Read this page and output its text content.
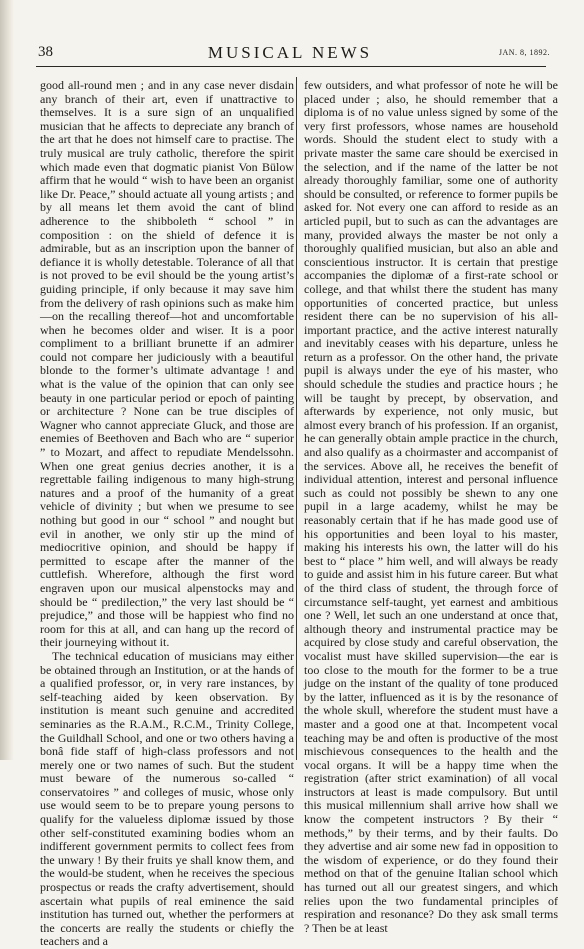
38	MUSICAL NEWS	JAN. 8, 1892.

good all-round men ; and in any case never disdain any branch of their art, even if unattractive to themselves. It is a sure sign of an unqualified musician that he affects to depreciate any branch of the art that he does not himself care to practise. The truly musical are truly catholic, therefore the spirit which made even that dogmatic pianist Von Bülow affirm that he would “ wish to have been an organist like Dr. Peace,” should actuate all young artists ; and by all means let them avoid the cant of blind adherence to the shibboleth “ school ” in composition : on the shield of defence it is admirable, but as an inscription upon the banner of defiance it is wholly detestable. Tolerance of all that is not proved to be evil should be the young artist’s guiding principle, if only because it may save him from the delivery of rash opinions such as make him—on the recalling thereof—hot and uncomfortable when he becomes older and wiser. It is a poor compliment to a brilliant brunette if an admirer could not compare her judiciously with a beautiful blonde to the former’s ultimate advantage ! and what is the value of the opinion that can only see beauty in one particular period or epoch of painting or architecture ? None can be true disciples of Wagner who cannot appreciate Gluck, and those are enemies of Beethoven and Bach who are “ superior ” to Mozart, and affect to repudiate Mendelssohn. When one great genius decries another, it is a regrettable failing indigenous to many high-strung natures and a proof of the humanity of a great vehicle of divinity ; but when we presume to see nothing but good in our “ school ” and nought but evil in another, we only stir up the mind of mediocritive opinion, and should be happy if permitted to escape after the manner of the cuttlefish. Wherefore, although the first word engraven upon our musical alpenstocks may and should be “ predilection,” the very last should be “ prejudice,” and those will be happiest who find no room for this at all, and can hang up the record of their journeying without it.

The technical education of musicians may either be obtained through an Institution, or at the hands of a qualified professor, or, in very rare instances, by self-teaching aided by keen observation. By institution is meant such genuine and accredited seminaries as the R.A.M., R.C.M., Trinity College, the Guildhall School, and one or two others having a bonâ fide staff of high-class professors and not merely one or two names of such. But the student must beware of the numerous so-called “ conservatoires ” and colleges of music, whose only use would seem to be to prepare young persons to qualify for the valueless diplomæ issued by those other self-constituted examining bodies whom an indifferent government permits to collect fees from the unwary ! By their fruits ye shall know them, and the would-be student, when he receives the specious prospectus or reads the crafty advertisement, should ascertain what pupils of real eminence the said institution has turned out, whether the performers at the concerts are really the students or chiefly the teachers and a

few outsiders, and what professor of note he will be placed under ; also, he should remember that a diploma is of no value unless signed by some of the very first professors, whose names are household words. Should the student elect to study with a private master the same care should be exercised in the selection, and if the name of the latter be not already thoroughly familiar, some one of authority should be consulted, or reference to former pupils be asked for. Not every one can afford to reside as an articled pupil, but to such as can the advantages are many, provided always the master be not only a thoroughly qualified musician, but also an able and conscientious instructor. It is certain that prestige accompanies the diplomæ of a first-rate school or college, and that whilst there the student has many opportunities of concerted practice, but unless resident there can be no supervision of his all-important practice, and the active interest naturally and inevitably ceases with his departure, unless he return as a professor. On the other hand, the private pupil is always under the eye of his master, who should schedule the studies and practice hours ; he will be taught by precept, by observation, and afterwards by experience, not only music, but almost every branch of his profession. If an organist, he can generally obtain ample practice in the church, and also qualify as a choirmaster and accompanist of the services. Above all, he receives the benefit of individual attention, interest and personal influence such as could not possibly be shewn to any one pupil in a large academy, whilst he may be reasonably certain that if he has made good use of his opportunities and been loyal to his master, making his interests his own, the latter will do his best to “ place ” him well, and will always be ready to guide and assist him in his future career. But what of the third class of student, the through force of circumstance self-taught, yet earnest and ambitious one ? Well, let such an one understand at once that, although theory and instrumental practice may be acquired by close study and careful observation, the vocalist must have skilled supervision—the ear is too close to the mouth for the former to be a true judge on the instant of the quality of tone produced by the latter, influenced as it is by the resonance of the whole skull, wherefore the student must have a master and a good one at that. Incompetent vocal teaching may be and often is productive of the most mischievous consequences to the health and the vocal organs. It will be a happy time when the registration (after strict examination) of all vocal instructors at least is made compulsory. But until this musical millennium shall arrive how shall we know the competent instructors ? By their “ methods,” by their terms, and by their faults. Do they advertise and air some new fad in opposition to the wisdom of experience, or do they found their method on that of the genuine Italian school which has turned out all our greatest singers, and which relies upon the two fundamental principles of respiration and resonance? Do they ask small terms ? Then be at least
